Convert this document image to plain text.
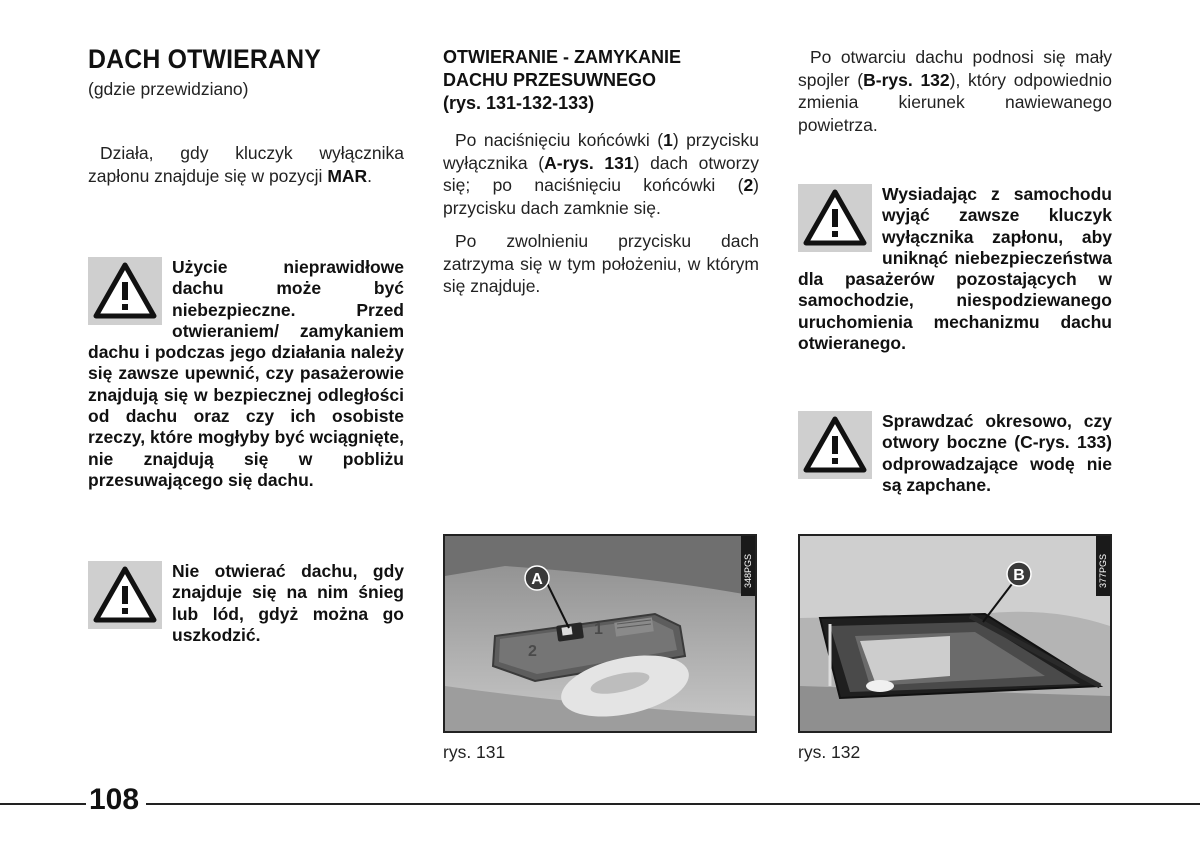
DACH OTWIERANY
(gdzie przewidziano)

Działa, gdy kluczyk wyłącznika zapłonu znajduje się w pozycji MAR.

Użycie nieprawidłowe dachu może być niebezpieczne. Przed otwieraniem/ zamykaniem dachu i podczas jego działania należy się zawsze upewnić, czy pasażerowie znajdują się w bezpiecznej odległości od dachu oraz czy ich osobiste rzeczy, które mogłyby być wciągnięte, nie znajdują się w pobliżu przesuwającego się dachu.

Nie otwierać dachu, gdy znajduje się na nim śnieg lub lód, gdyż można go uszkodzić.

OTWIERANIE - ZAMYKANIE
DACHU PRZESUWNEGO
(rys. 131-132-133)

Po naciśnięciu końcówki (1) przycisku wyłącznika (A-rys. 131) dach otworzy się; po naciśnięciu końcówki (2) przycisku dach zamknie się.

Po zwolnieniu przycisku dach zatrzyma się w tym położeniu, w którym się znajduje.

A
1
2
348PGS
rys. 131

Po otwarciu dachu podnosi się mały spojler (B-rys. 132), który odpowiednio zmienia kierunek nawiewanego powietrza.

Wysiadając z samochodu wyjąć zawsze kluczyk wyłącznika zapłonu, aby uniknąć niebezpieczeństwa dla pasażerów pozostających w samochodzie, niespodziewanego uruchomienia mechanizmu dachu otwieranego.

Sprawdzać okresowo, czy otwory boczne (C-rys. 133) odprowadzające wodę nie są zapchane.

B	377PGS
rys. 132
108
